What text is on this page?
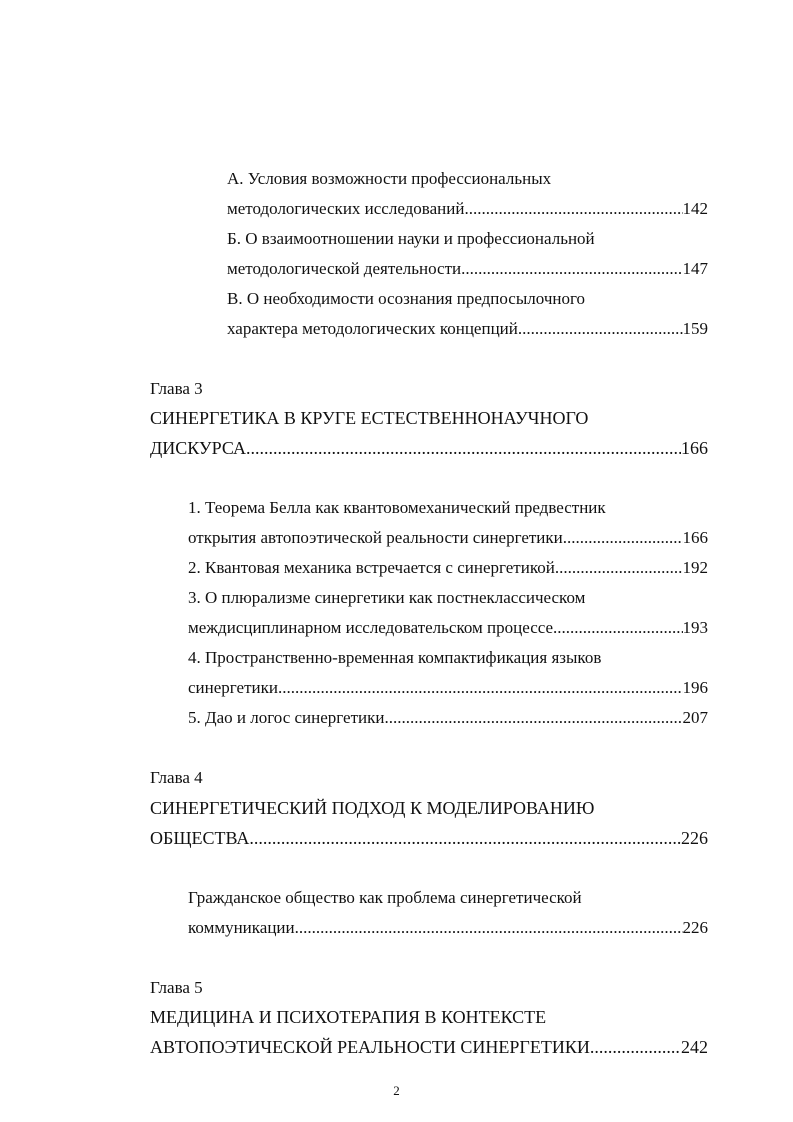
А. Условия возможности профессиональных
методологических исследований .....	142
Б. О взаимоотношении науки и профессиональной
методологической деятельности .....	147
В. О необходимости осознания предпосылочного
характера методологических концепций .....	159
Глава 3
СИНЕРГЕТИКА В КРУГЕ ЕСТЕСТВЕННОНАУЧНОГО
ДИСКУРСА .....	166
1. Теорема Белла как квантовомеханический предвестник
открытия автопоэтической реальности синергетики .....	166
2. Квантовая механика встречается с синергетикой .....	192
3. О плюрализме синергетики как постнеклассическом
междисциплинарном исследовательском процессе .....	193
4. Пространственно-временная компактификация языков
синергетики .....	196
5. Дао и логос синергетики .....	207
Глава 4
СИНЕРГЕТИЧЕСКИЙ ПОДХОД К МОДЕЛИРОВАНИЮ
ОБЩЕСТВА .....	226
Гражданское общество как проблема синергетической
коммуникации .....	226
Глава 5
МЕДИЦИНА И ПСИХОТЕРАПИЯ В КОНТЕКСТЕ
АВТОПОЭТИЧЕСКОЙ РЕАЛЬНОСТИ СИНЕРГЕТИКИ .....	242
2
